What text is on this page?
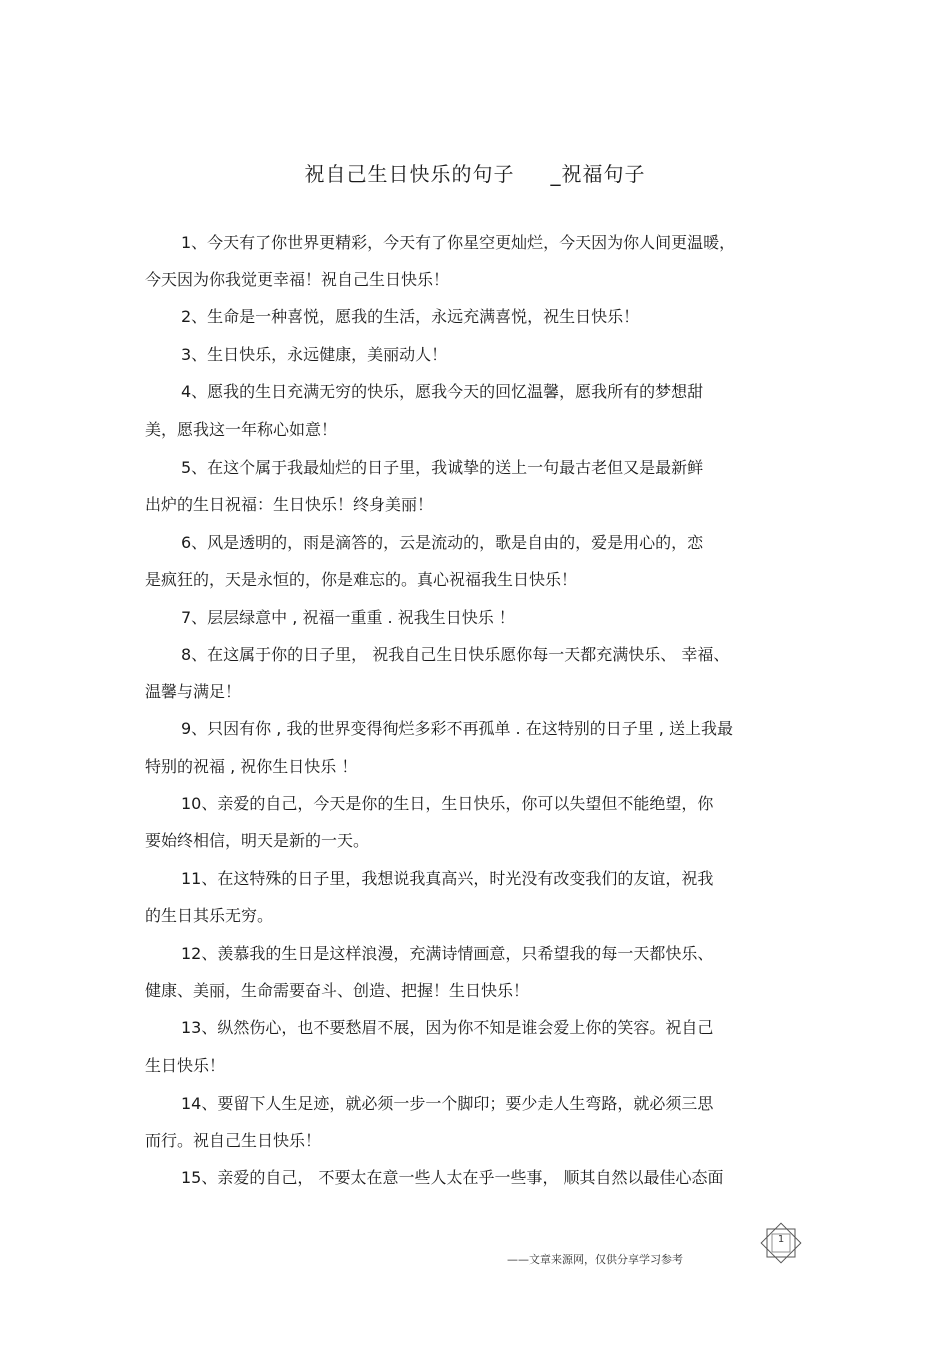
祝自己生日快乐的句子 _祝福句子
1、今天有了你世界更精彩，今天有了你星空更灿烂，今天因为你人间更温暖，
今天因为你我觉更幸福！祝自己生日快乐！
2、生命是一种喜悦，愿我的生活，永远充满喜悦，祝生日快乐！
3、生日快乐，永远健康，美丽动人！
4、愿我的生日充满无穷的快乐，愿我今天的回忆温馨，愿我所有的梦想甜
美，愿我这一年称心如意！
5、在这个属于我最灿烂的日子里，我诚挚的送上一句最古老但又是最新鲜
出炉的生日祝福：生日快乐！终身美丽！
6、风是透明的，雨是滴答的，云是流动的，歌是自由的，爱是用心的，恋
是疯狂的，天是永恒的，你是难忘的。真心祝福我生日快乐！
7、层层绿意中 , 祝福一重重 . 祝我生日快乐 ！
8、在这属于你的日子里， 祝我自己生日快乐愿你每一天都充满快乐、 幸福、
温馨与满足！
9、只因有你 , 我的世界变得徇烂多彩不再孤单 . 在这特别的日子里 , 送上我最
特别的祝福 , 祝你生日快乐 ！
10、亲爱的自己，今天是你的生日，生日快乐，你可以失望但不能绝望，你
要始终相信，明天是新的一天。
11、在这特殊的日子里，我想说我真高兴，时光没有改变我们的友谊，祝我
的生日其乐无穷。
12、羡慕我的生日是这样浪漫，充满诗情画意，只希望我的每一天都快乐、
健康、美丽，生命需要奋斗、创造、把握！生日快乐！
13、纵然伤心，也不要愁眉不展，因为你不知是谁会爱上你的笑容。祝自己
生日快乐！
14、要留下人生足迹，就必须一步一个脚印；要少走人生弯路，就必须三思
而行。祝自己生日快乐！
15、亲爱的自己， 不要太在意一些人太在乎一些事， 顺其自然以最佳心态面
——文章来源网，仅供分享学习参考
1
